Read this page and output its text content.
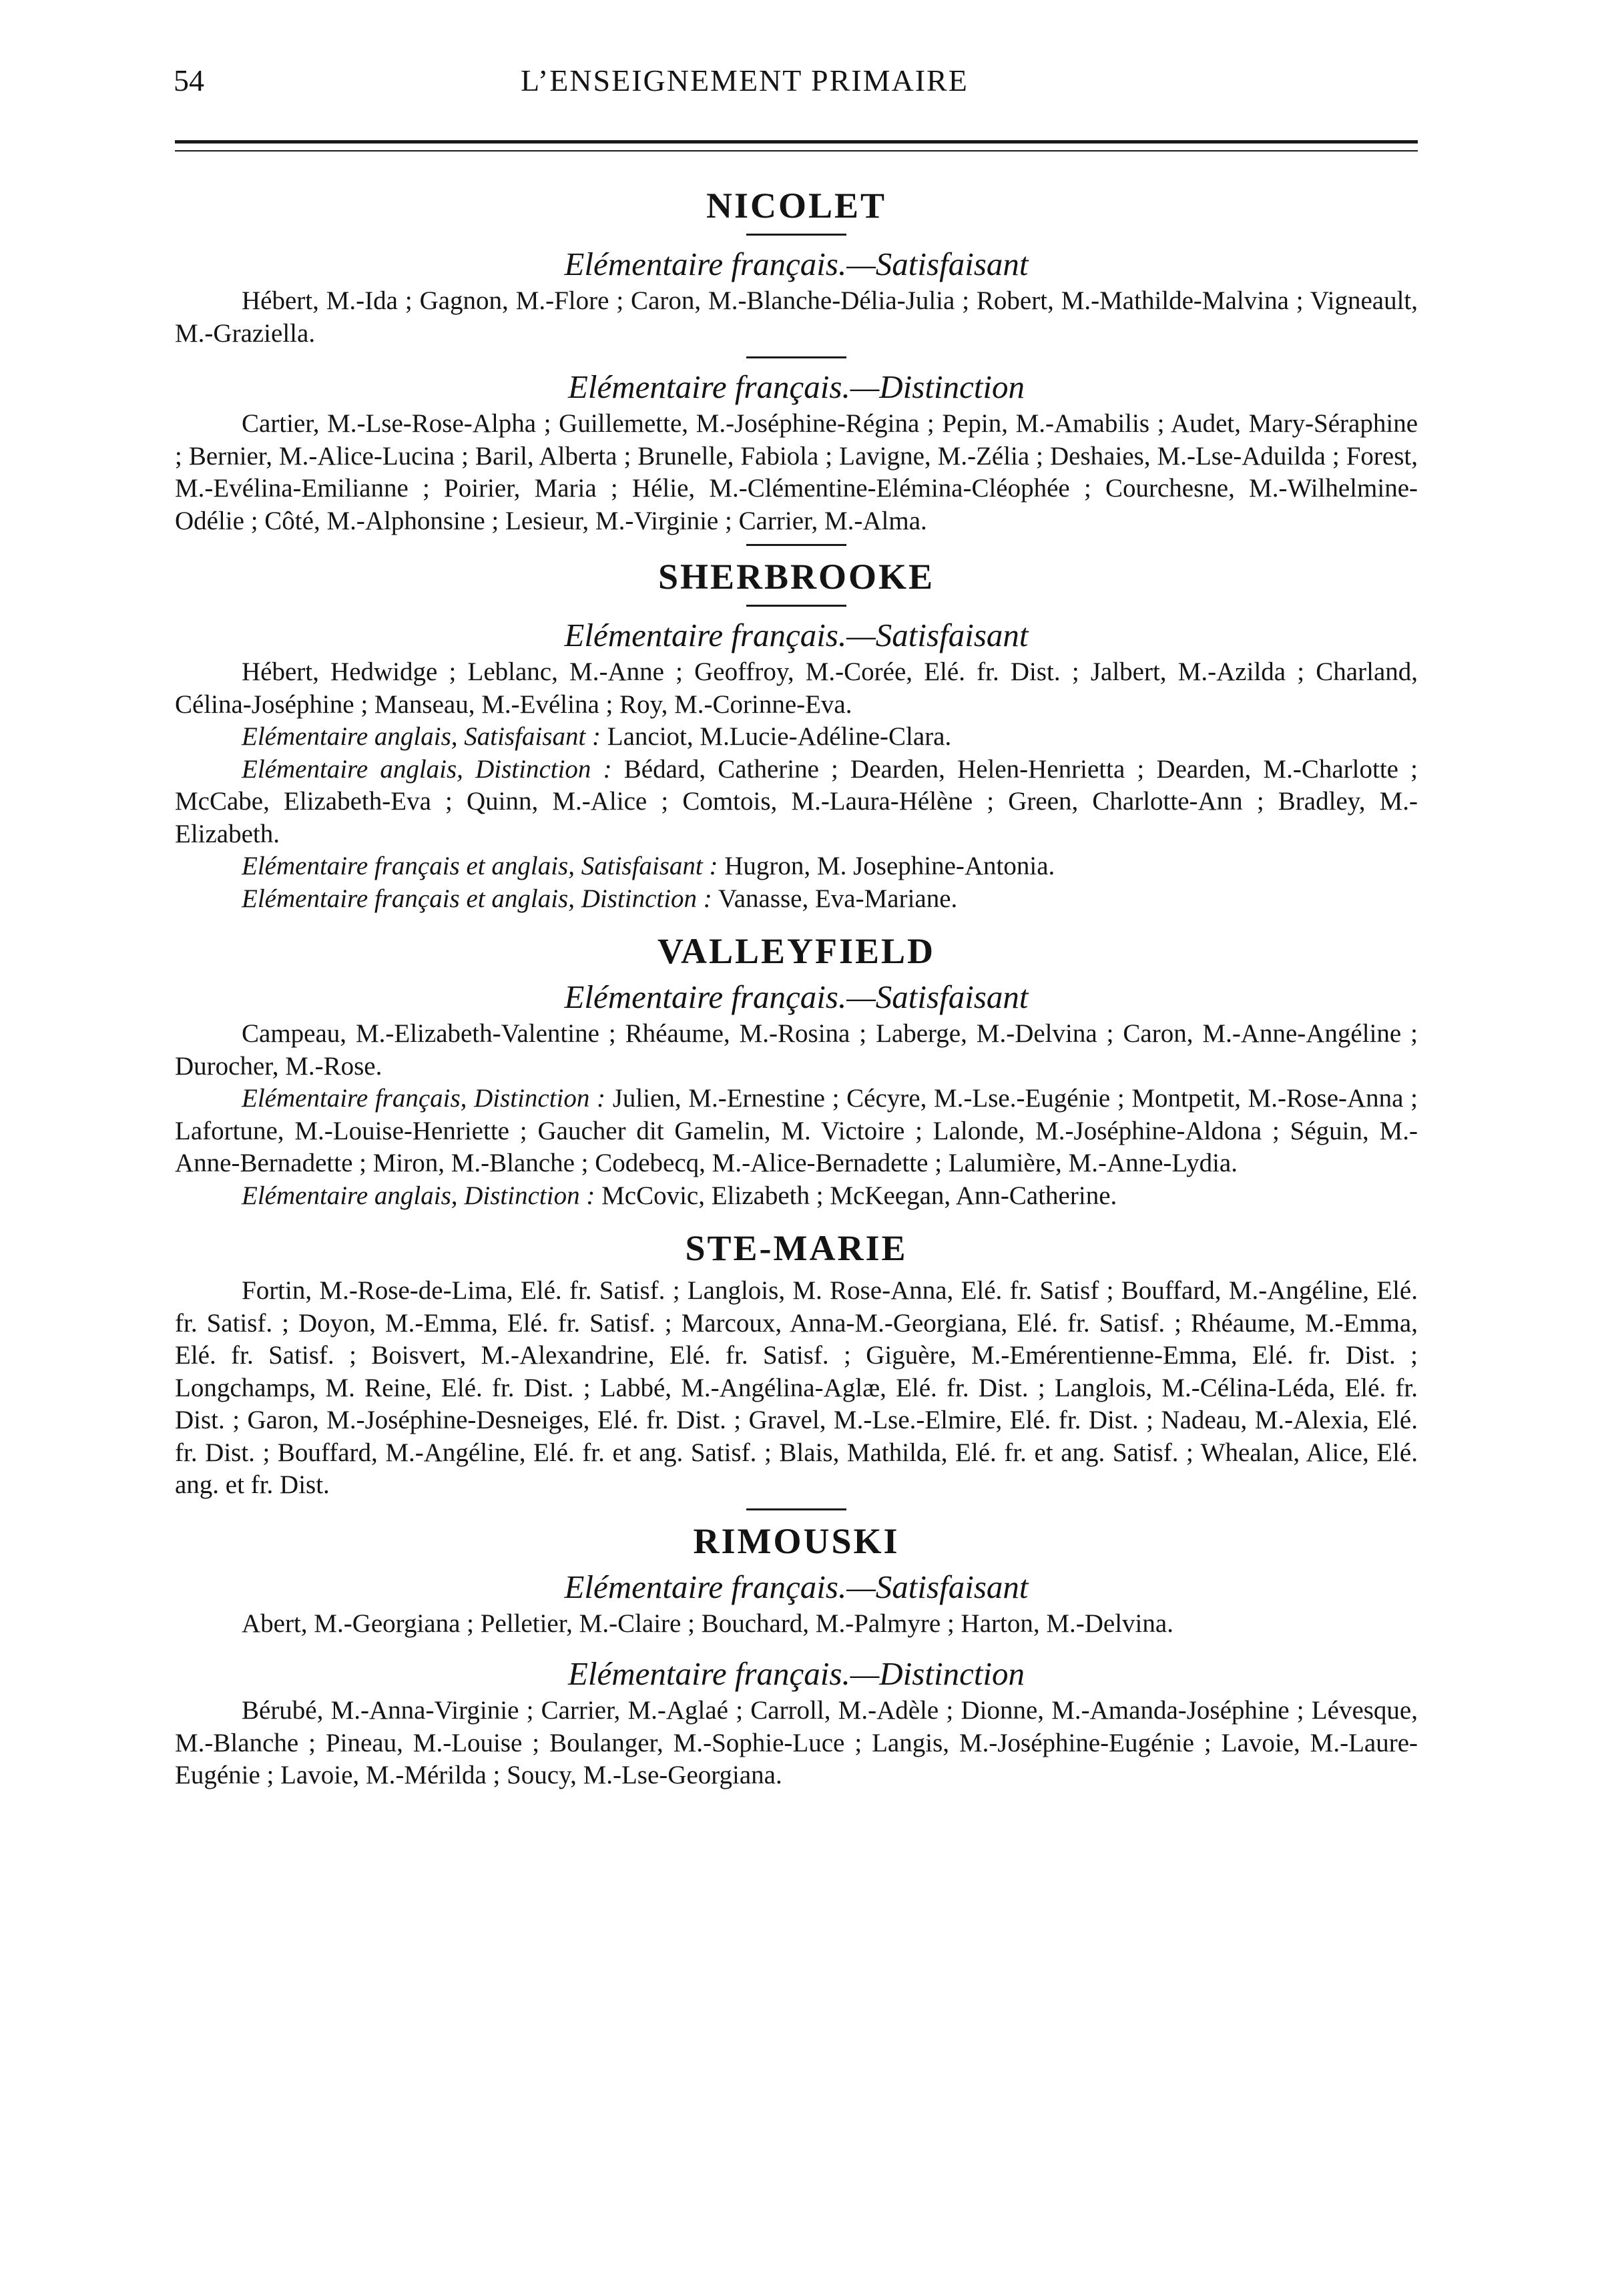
54	L’ENSEIGNEMENT PRIMAIRE
NICOLET

Elémentaire français.—Satisfaisant

Hébert, M.-Ida ; Gagnon, M.-Flore ; Caron, M.-Blanche-Délia-Julia ; Robert, M.-Mathilde-Malvina ; Vigneault, M.-Graziella.

Elémentaire français.—Distinction

Cartier, M.-Lse-Rose-Alpha ; Guillemette, M.-Joséphine-Régina ; Pepin, M.-Amabilis ; Audet, Mary-Séraphine ; Bernier, M.-Alice-Lucina ; Baril, Alberta ; Brunelle, Fabiola ; Lavigne, M.-Zélia ; Deshaies, M.-Lse-Aduilda ; Forest, M.-Evélina-Emilianne ; Poirier, Maria ; Hélie, M.-Clémentine-Elémina-Cléophée ; Courchesne, M.-Wilhelmine-Odélie ; Côté, M.-Alphonsine ; Lesieur, M.-Virginie ; Carrier, M.-Alma.

SHERBROOKE

Elémentaire français.—Satisfaisant

Hébert, Hedwidge ; Leblanc, M.-Anne ; Geoffroy, M.-Corée, Elé. fr. Dist. ; Jalbert, M.-Azilda ; Charland, Célina-Joséphine ; Manseau, M.-Evélina ; Roy, M.-Corinne-Eva.

Elémentaire anglais, Satisfaisant : Lanciot, M.Lucie-Adéline-Clara.

Elémentaire anglais, Distinction : Bédard, Catherine ; Dearden, Helen-Henrietta ; Dearden, M.-Charlotte ; McCabe, Elizabeth-Eva ; Quinn, M.-Alice ; Comtois, M.-Laura-Hélène ; Green, Charlotte-Ann ; Bradley, M.-Elizabeth.

Elémentaire français et anglais, Satisfaisant : Hugron, M. Josephine-Antonia.

Elémentaire français et anglais, Distinction : Vanasse, Eva-Mariane.

VALLEYFIELD

Elémentaire français.—Satisfaisant

Campeau, M.-Elizabeth-Valentine ; Rhéaume, M.-Rosina ; Laberge, M.-Delvina ; Caron, M.-Anne-Angéline ; Durocher, M.-Rose.

Elémentaire français, Distinction : Julien, M.-Ernestine ; Cécyre, M.-Lse.-Eugénie ; Montpetit, M.-Rose-Anna ; Lafortune, M.-Louise-Henriette ; Gaucher dit Gamelin, M. Victoire ; Lalonde, M.-Joséphine-Aldona ; Séguin, M.-Anne-Bernadette ; Miron, M.-Blanche ; Codebecq, M.-Alice-Bernadette ; Lalumière, M.-Anne-Lydia.

Elémentaire anglais, Distinction : McCovic, Elizabeth ; McKeegan, Ann-Catherine.

STE-MARIE

Fortin, M.-Rose-de-Lima, Elé. fr. Satisf. ; Langlois, M. Rose-Anna, Elé. fr. Satisf ; Bouffard, M.-Angéline, Elé. fr. Satisf. ; Doyon, M.-Emma, Elé. fr. Satisf. ; Marcoux, Anna-M.-Georgiana, Elé. fr. Satisf. ; Rhéaume, M.-Emma, Elé. fr. Satisf. ; Boisvert, M.-Alexandrine, Elé. fr. Satisf. ; Giguère, M.-Emérentienne-Emma, Elé. fr. Dist. ; Longchamps, M. Reine, Elé. fr. Dist. ; Labbé, M.-Angélina-Aglæ, Elé. fr. Dist. ; Langlois, M.-Célina-Léda, Elé. fr. Dist. ; Garon, M.-Joséphine-Desneiges, Elé. fr. Dist. ; Gravel, M.-Lse.-Elmire, Elé. fr. Dist. ; Nadeau, M.-Alexia, Elé. fr. Dist. ; Bouffard, M.-Angéline, Elé. fr. et ang. Satisf. ; Blais, Mathilda, Elé. fr. et ang. Satisf. ; Whealan, Alice, Elé. ang. et fr. Dist.

RIMOUSKI

Elémentaire français.—Satisfaisant

Abert, M.-Georgiana ; Pelletier, M.-Claire ; Bouchard, M.-Palmyre ; Harton, M.-Delvina.

Elémentaire français.—Distinction

Bérubé, M.-Anna-Virginie ; Carrier, M.-Aglaé ; Carroll, M.-Adèle ; Dionne, M.-Amanda-Joséphine ; Lévesque, M.-Blanche ; Pineau, M.-Louise ; Boulanger, M.-Sophie-Luce ; Langis, M.-Joséphine-Eugénie ; Lavoie, M.-Laure-Eugénie ; Lavoie, M.-Mérilda ; Soucy, M.-Lse-Georgiana.
